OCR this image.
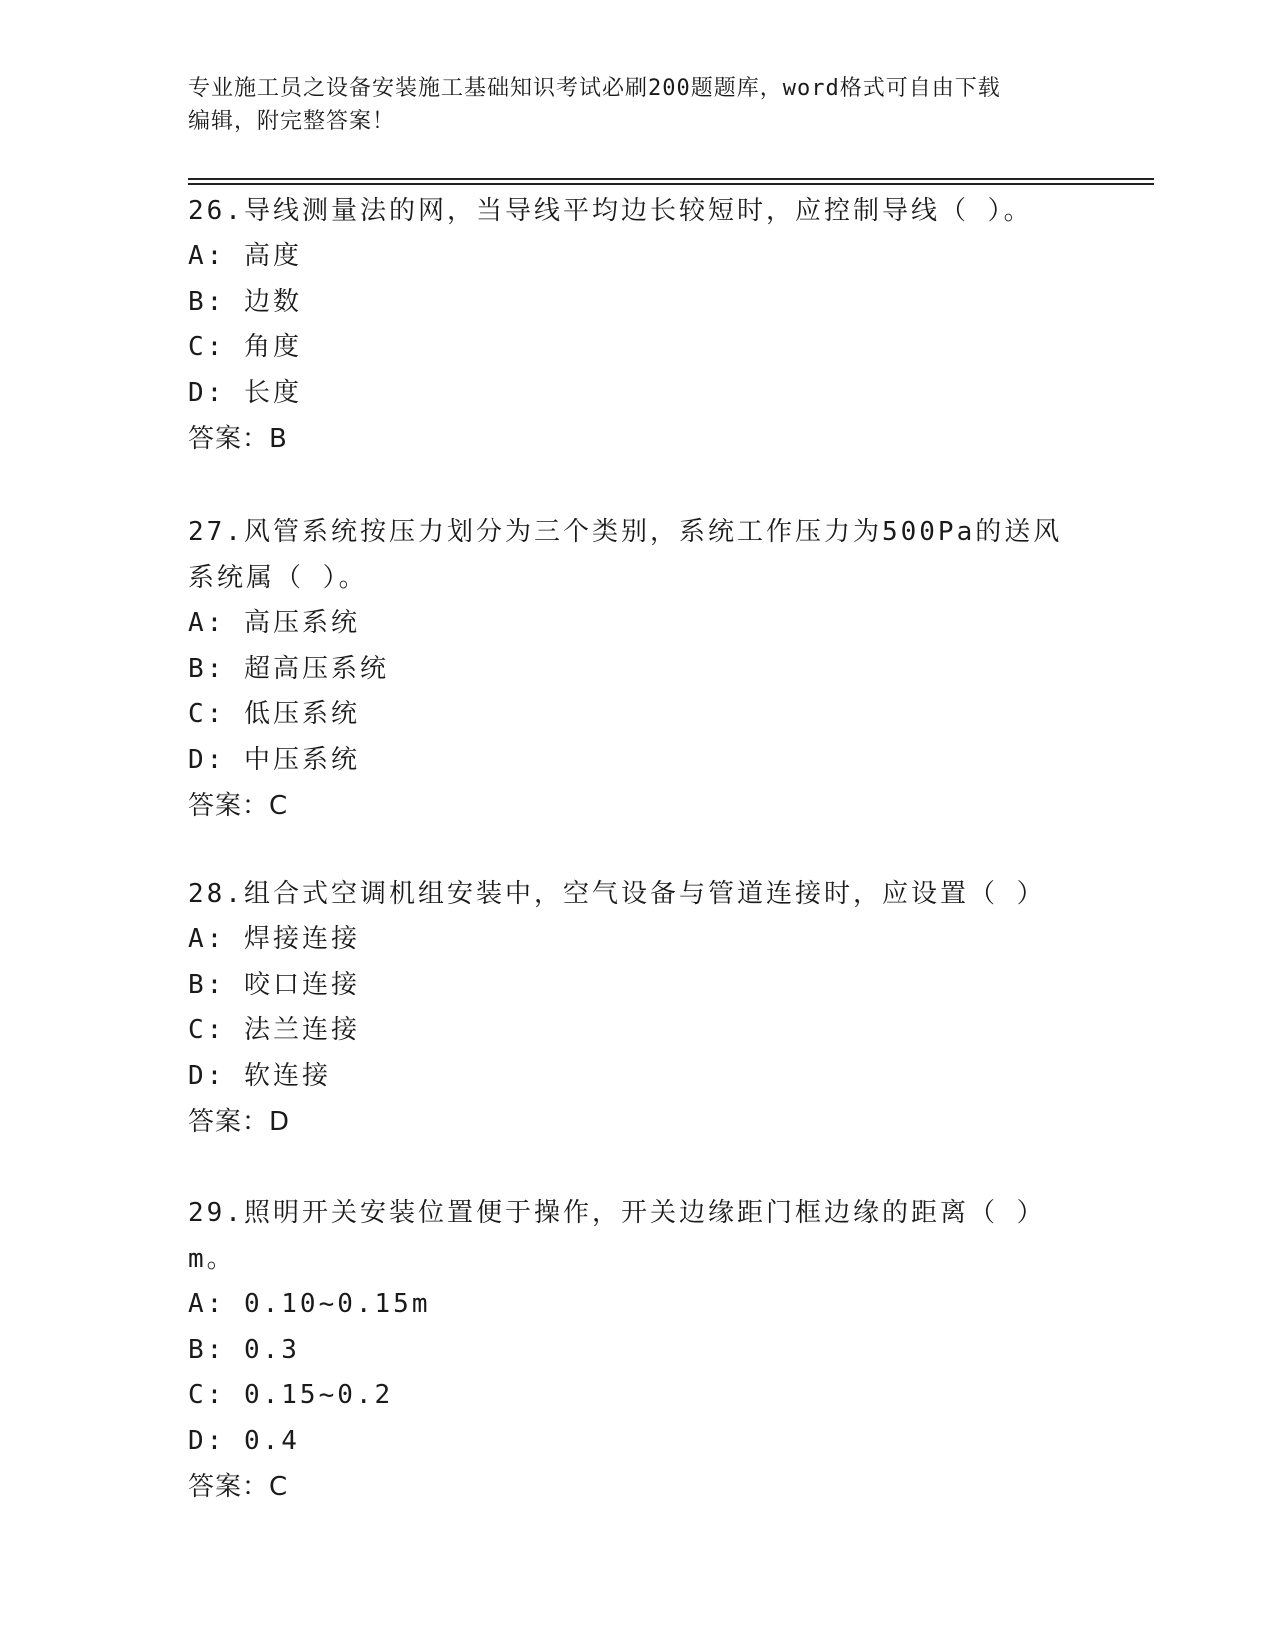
专业施工员之设备安装施工基础知识考试必刷200题题库，word格式可自由下载
编辑，附完整答案！
26.导线测量法的网，当导线平均边长较短时，应控制导线（ ）。
A: 高度
B: 边数
C: 角度
D: 长度
答案：B
27.风管系统按压力划分为三个类别，系统工作压力为500Pa的送风系统属（ ）。
A: 高压系统
B: 超高压系统
C: 低压系统
D: 中压系统
答案：C
28.组合式空调机组安装中，空气设备与管道连接时，应设置（ ）
A: 焊接连接
B: 咬口连接
C: 法兰连接
D: 软连接
答案：D
29.照明开关安装位置便于操作，开关边缘距门框边缘的距离（ ）m。
A: 0.10~0.15m
B: 0.3
C: 0.15~0.2
D: 0.4
答案：C
